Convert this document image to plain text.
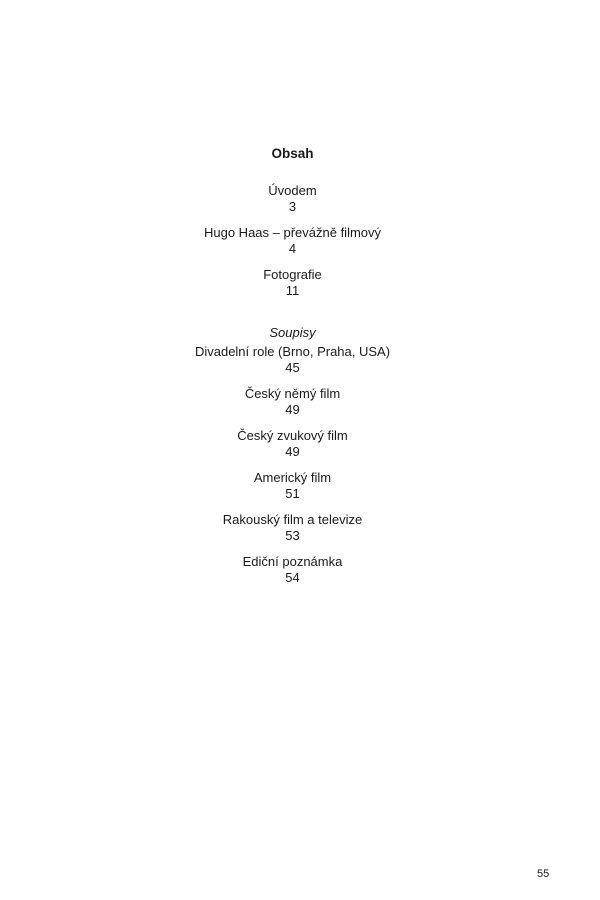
Obsah
Úvodem
3
Hugo Haas – převážně filmový
4
Fotografie
11
Soupisy
Divadelní role (Brno, Praha, USA)
45
Český němý film
49
Český zvukový film
49
Americký film
51
Rakouský film a televize
53
Ediční poznámka
54
55
